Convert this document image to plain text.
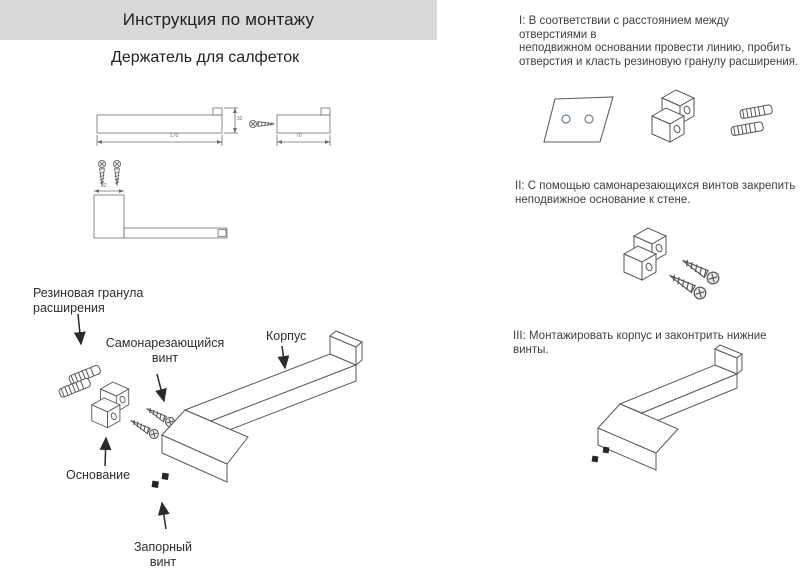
Инструкция по монтажу
Держатель для салфеток
170
32
70
32
Резиновая гранула
расширения
Самонарезающийся
винт
Корпус
Основание
Запорный
винт
I: В соответствии с расстоянием между отверстиями в
неподвижном основании провести линию, пробить
отверстия и класть резиновую гранулу расширения.
II: С помощью самонарезающихся винтов закрепить
неподвижное основание к стене.
III: Монтажировать корпус и законтрить нижние винты.
